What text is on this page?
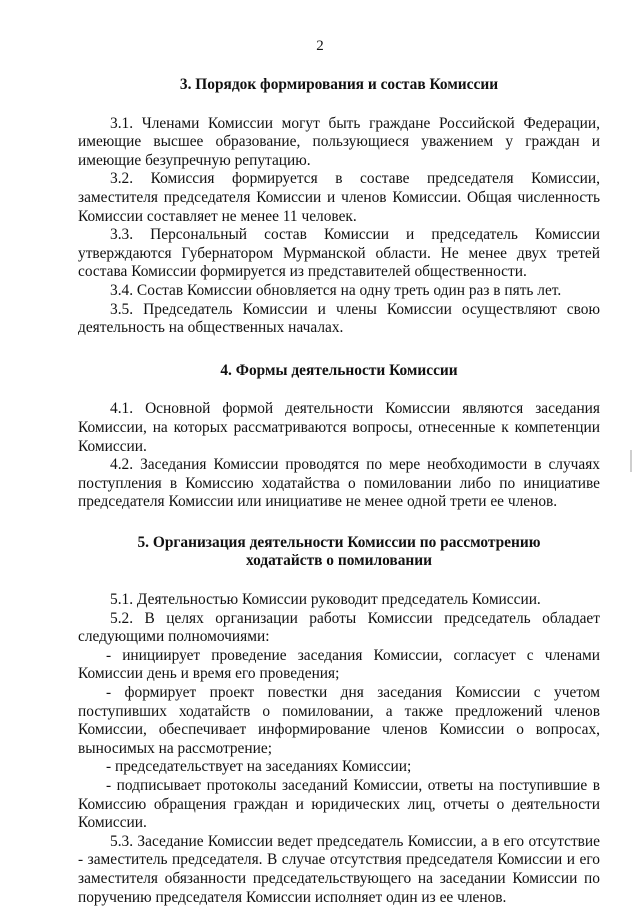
2

3. Порядок формирования и состав Комиссии

3.1. Членами Комиссии могут быть граждане Российской Федерации, имеющие высшее образование, пользующиеся уважением у граждан и имеющие безупречную репутацию.

3.2. Комиссия формируется в составе председателя Комиссии, заместителя председателя Комиссии и членов Комиссии. Общая численность Комиссии составляет не менее 11 человек.

3.3. Персональный состав Комиссии и председатель Комиссии утверждаются Губернатором Мурманской области. Не менее двух третей состава Комиссии формируется из представителей общественности.

3.4. Состав Комиссии обновляется на одну треть один раз в пять лет.

3.5. Председатель Комиссии и члены Комиссии осуществляют свою деятельность на общественных началах.

4. Формы деятельности Комиссии

4.1. Основной формой деятельности Комиссии являются заседания Комиссии, на которых рассматриваются вопросы, отнесенные к компетенции Комиссии.

4.2. Заседания Комиссии проводятся по мере необходимости в случаях поступления в Комиссию ходатайства о помиловании либо по инициативе председателя Комиссии или инициативе не менее одной трети ее членов.

5. Организация деятельности Комиссии по рассмотрению

ходатайств о помиловании

5.1. Деятельностью Комиссии руководит председатель Комиссии.

5.2. В целях организации работы Комиссии председатель обладает следующими полномочиями:

- инициирует проведение заседания Комиссии, согласует с членами Комиссии день и время его проведения;

- формирует проект повестки дня заседания Комиссии с учетом поступивших ходатайств о помиловании, а также предложений членов Комиссии, обеспечивает информирование членов Комиссии о вопросах, выносимых на рассмотрение;

- председательствует на заседаниях Комиссии;

- подписывает протоколы заседаний Комиссии, ответы на поступившие в Комиссию обращения граждан и юридических лиц, отчеты о деятельности Комиссии.

5.3. Заседание Комиссии ведет председатель Комиссии, а в его отсутствие - заместитель председателя. В случае отсутствия председателя Комиссии и его заместителя обязанности председательствующего на заседании Комиссии по поручению председателя Комиссии исполняет один из ее членов.
